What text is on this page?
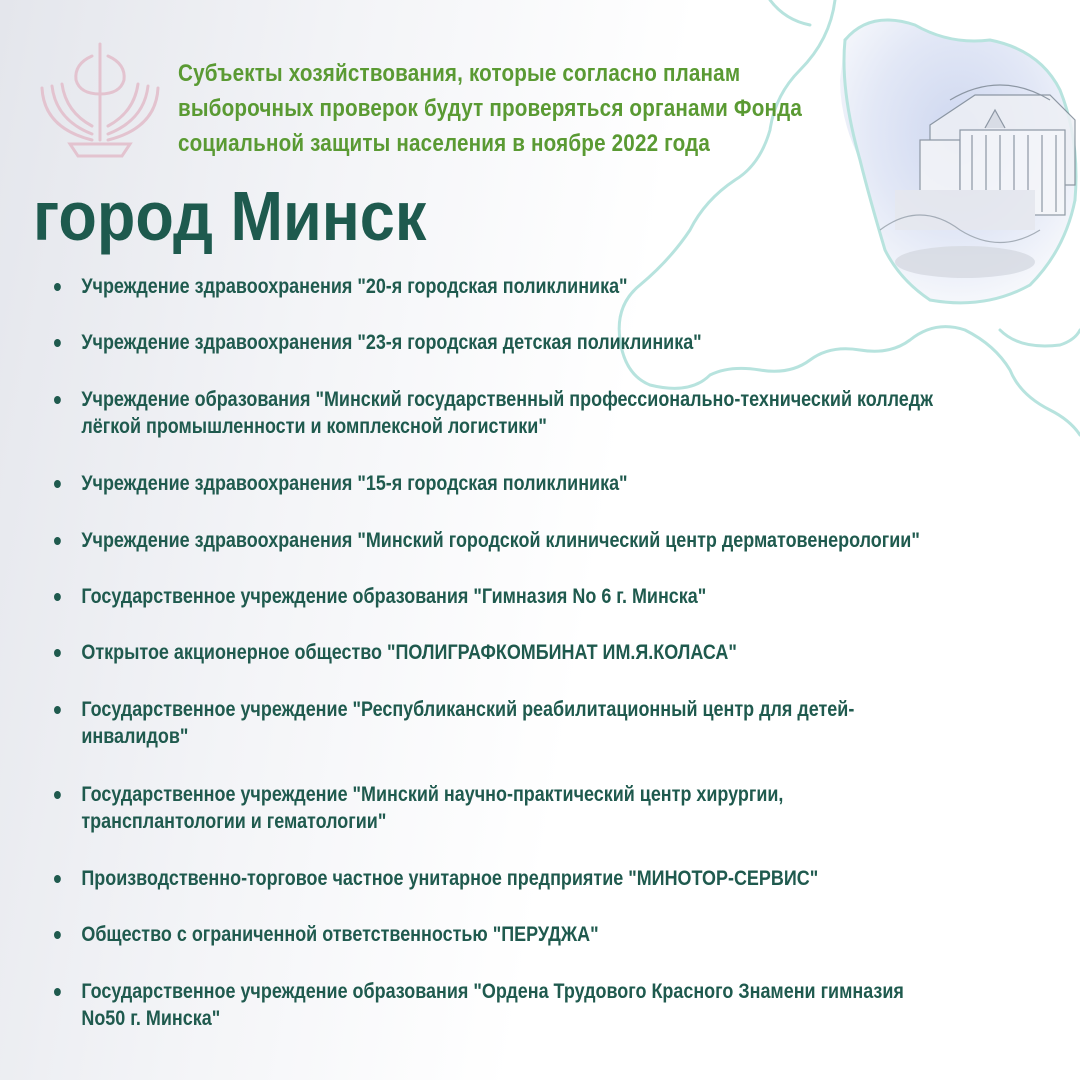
Субъекты хозяйствования, которые согласно планам
выборочных проверок будут проверяться органами Фонда
социальной защиты населения в ноябре 2022 года
город Минск
Учреждение здравоохранения "20-я городская поликлиника"

Учреждение здравоохранения "23-я городская детская поликлиника"

Учреждение образования "Минский государственный профессионально-технический колледж
лёгкой промышленности и комплексной логистики"
Учреждение здравоохранения "15-я городская поликлиника"

Учреждение здравоохранения "Минский городской клинический центр дерматовенерологии"

Государственное учреждение образования "Гимназия No 6 г. Минска"

Открытое акционерное общество "ПОЛИГРАФКОМБИНАТ ИМ.Я.КОЛАСА"

Государственное учреждение "Республиканский реабилитационный центр для детей-
инвалидов"
Государственное учреждение "Минский научно-практический центр хирургии,
трансплантологии и гематологии"
Производственно-торговое частное унитарное предприятие "МИНОТОР-СЕРВИС"

Общество с ограниченной ответственностью "ПЕРУДЖА"

Государственное учреждение образования "Ордена Трудового Красного Знамени гимназия
No50 г. Минска"
